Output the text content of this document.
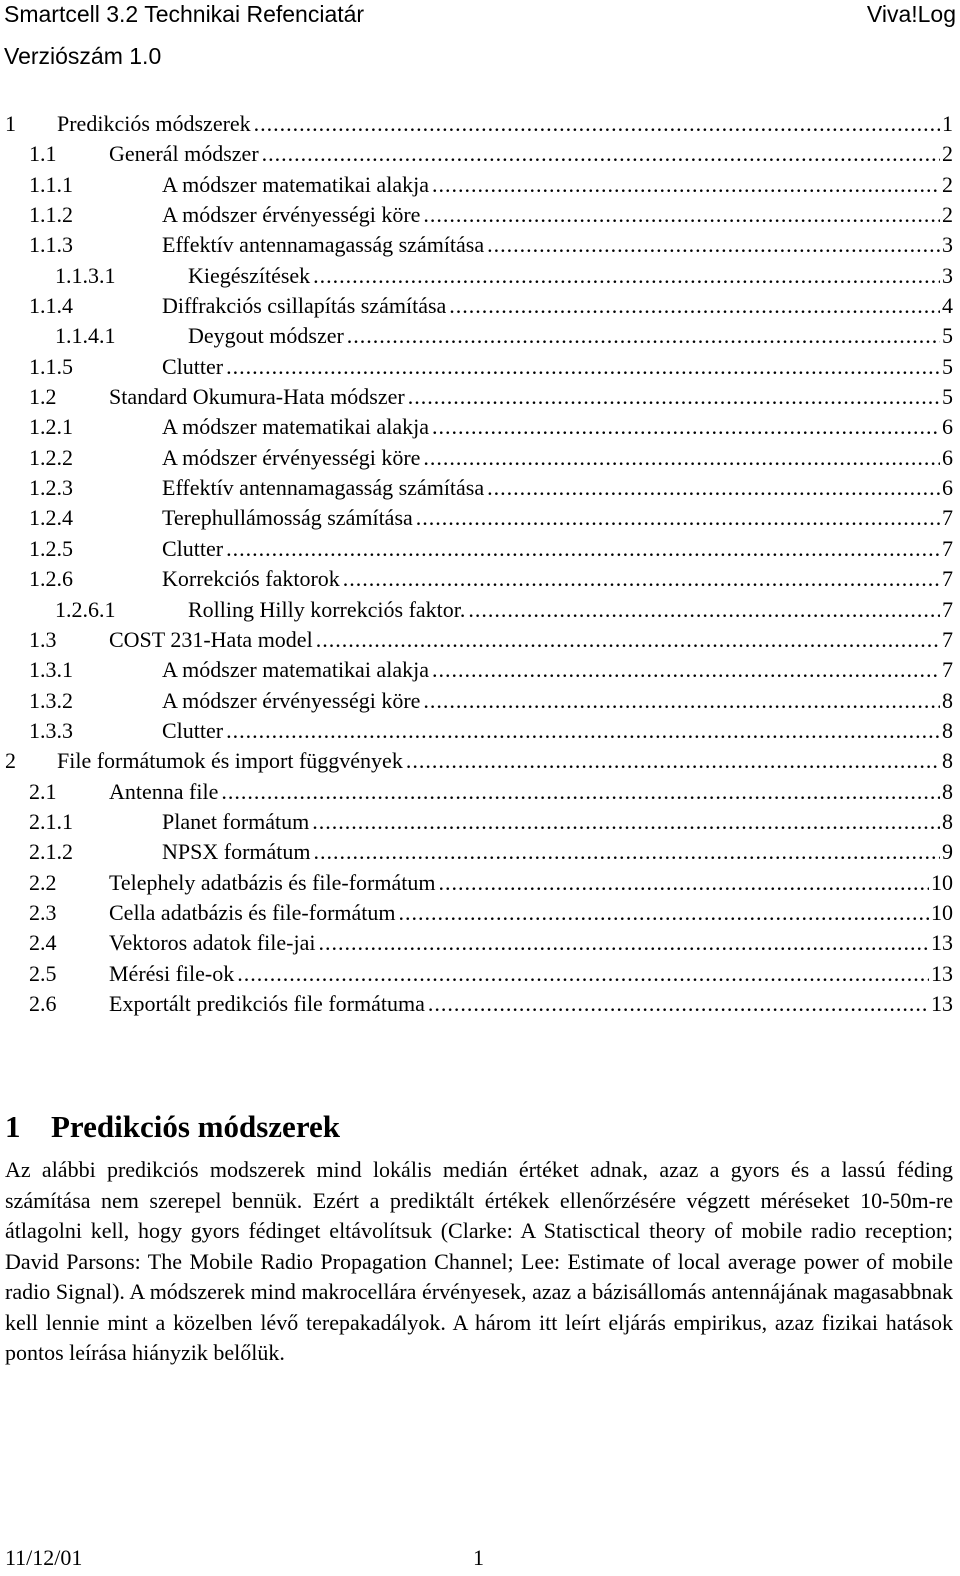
Smartcell 3.2 Technikai Refenciatár	Viva!Log
Verziószám 1.0
1	Predikciós módszerek .....	1
1.1	Generál módszer .....	2
1.1.1	A módszer matematikai alakja .....	2
1.1.2	A módszer érvényességi köre .....	2
1.1.3	Effektív antennamagasság számítása .....	3
1.1.3.1	Kiegészítések .....	3
1.1.4	Diffrakciós csillapítás számítása .....	4
1.1.4.1	Deygout módszer .....	5
1.1.5	Clutter .....	5
1.2	Standard Okumura-Hata módszer .....	5
1.2.1	A módszer matematikai alakja .....	6
1.2.2	A módszer érvényességi köre .....	6
1.2.3	Effektív antennamagasság számítása .....	6
1.2.4	Terephullámosság számítása .....	7
1.2.5	Clutter .....	7
1.2.6	Korrekciós faktorok .....	7
1.2.6.1	Rolling Hilly korrekciós faktor. .....	7
1.3	COST 231-Hata model .....	7
1.3.1	A módszer matematikai alakja .....	7
1.3.2	A módszer érvényességi köre .....	8
1.3.3	Clutter .....	8
2	File formátumok és import függvények .....	8
2.1	Antenna file .....	8
2.1.1	Planet formátum .....	8
2.1.2	NPSX formátum .....	9
2.2	Telephely adatbázis és file-formátum .....	10
2.3	Cella adatbázis és file-formátum .....	10
2.4	Vektoros adatok file-jai .....	13
2.5	Mérési file-ok .....	13
2.6	Exportált predikciós file formátuma .....	13
1 Predikciós módszerek

Az alábbi predikciós modszerek mind lokális medián értéket adnak, azaz a gyors és a lassú féding számítása nem szerepel bennük. Ezért a prediktált értékek ellenőrzésére végzett méréseket 10-50m-re átlagolni kell, hogy gyors fédinget eltávolítsuk (Clarke: A Statisctical theory of mobile radio reception; David Parsons: The Mobile Radio Propagation Channel; Lee: Estimate of local average power of mobile radio Signal). A módszerek mind makrocellára érvényesek, azaz a bázisállomás antennájának magasabbnak kell lennie mint a közelben lévő terepakadályok. A három itt leírt eljárás empirikus, azaz fizikai hatások pontos leírása hiányzik belőlük.

11/12/01	1
